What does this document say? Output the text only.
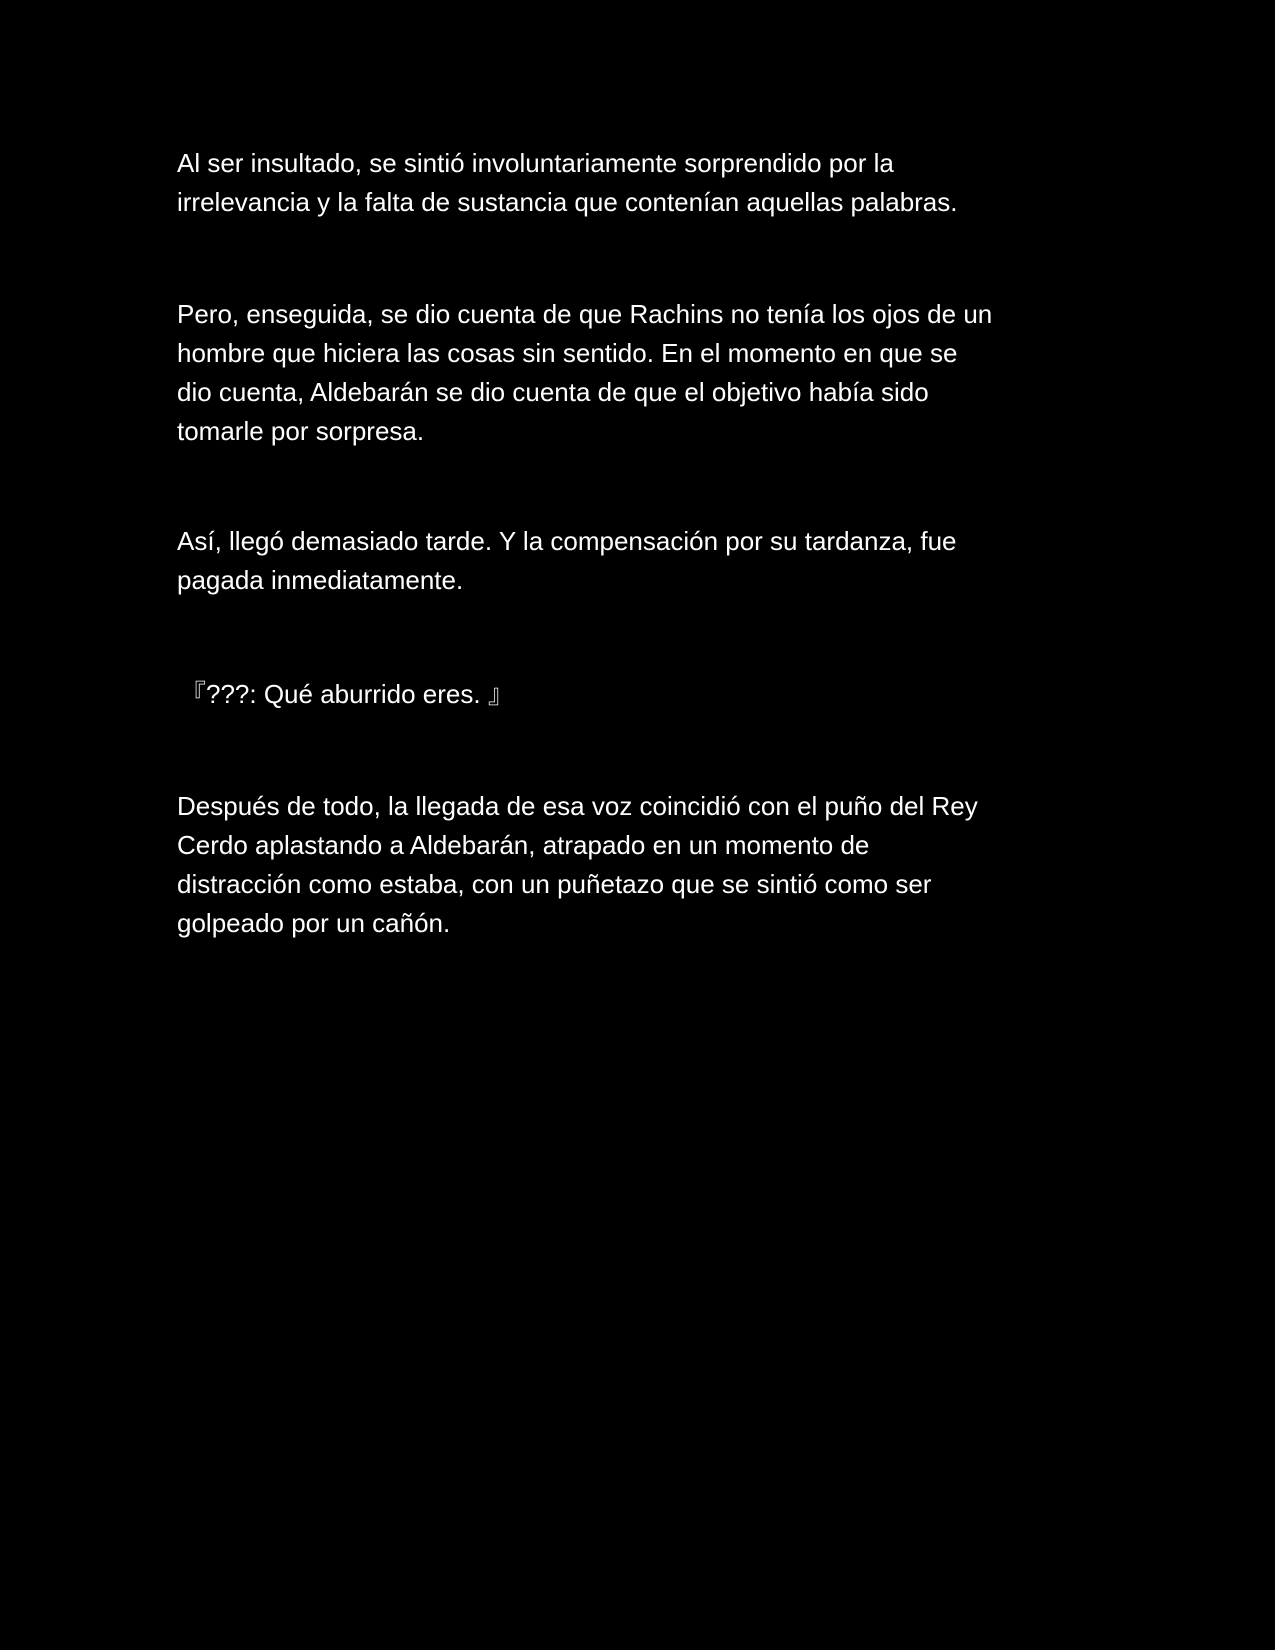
Al ser insultado, se sintió involuntariamente sorprendido por la
irrelevancia y la falta de sustancia que contenían aquellas palabras.

Pero, enseguida, se dio cuenta de que Rachins no tenía los ojos de un
hombre que hiciera las cosas sin sentido. En el momento en que se
dio cuenta, Aldebarán se dio cuenta de que el objetivo había sido
tomarle por sorpresa.

Así, llegó demasiado tarde. Y la compensación por su tardanza, fue
pagada inmediatamente.

『???: Qué aburrido eres. 』

Después de todo, la llegada de esa voz coincidió con el puño del Rey
Cerdo aplastando a Aldebarán, atrapado en un momento de
distracción como estaba, con un puñetazo que se sintió como ser
golpeado por un cañón.
